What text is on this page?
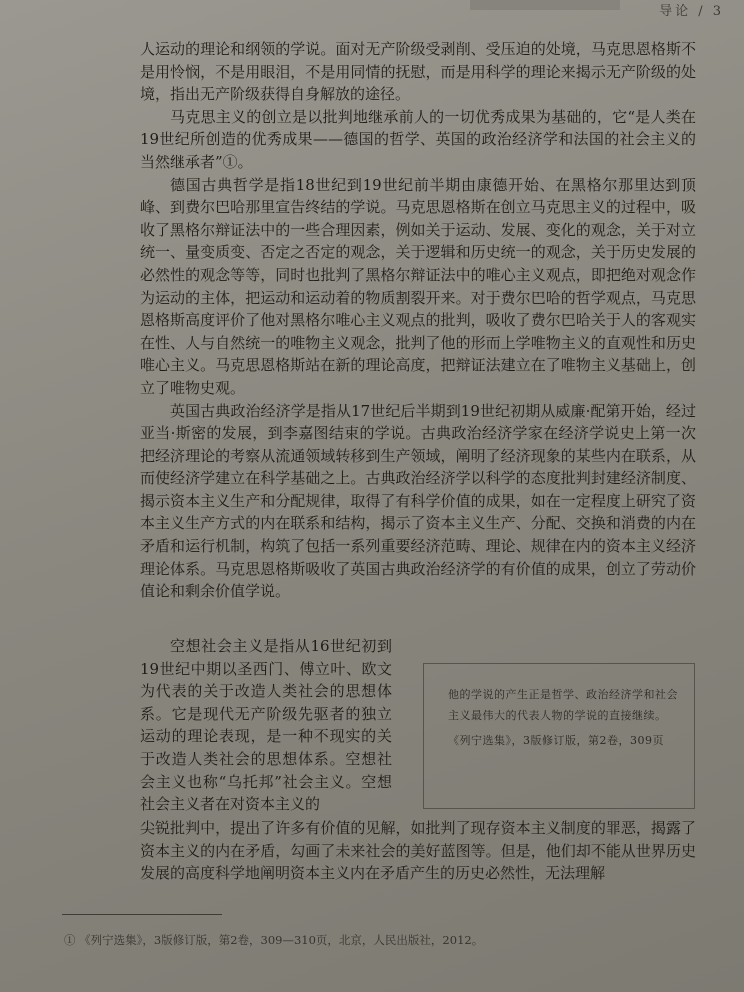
导论 / 3

人运动的理论和纲领的学说。面对无产阶级受剥削、受压迫的处境，马克思恩格斯不是用怜悯，不是用眼泪，不是用同情的抚慰，而是用科学的理论来揭示无产阶级的处境，指出无产阶级获得自身解放的途径。

马克思主义的创立是以批判地继承前人的一切优秀成果为基础的，它“是人类在19世纪所创造的优秀成果——德国的哲学、英国的政治经济学和法国的社会主义的当然继承者”①。

德国古典哲学是指18世纪到19世纪前半期由康德开始、在黑格尔那里达到顶峰、到费尔巴哈那里宣告终结的学说。马克思恩格斯在创立马克思主义的过程中，吸收了黑格尔辩证法中的一些合理因素，例如关于运动、发展、变化的观念，关于对立统一、量变质变、否定之否定的观念，关于逻辑和历史统一的观念，关于历史发展的必然性的观念等等，同时也批判了黑格尔辩证法中的唯心主义观点，即把绝对观念作为运动的主体，把运动和运动着的物质割裂开来。对于费尔巴哈的哲学观点，马克思恩格斯高度评价了他对黑格尔唯心主义观点的批判，吸收了费尔巴哈关于人的客观实在性、人与自然统一的唯物主义观念，批判了他的形而上学唯物主义的直观性和历史唯心主义。马克思恩格斯站在新的理论高度，把辩证法建立在了唯物主义基础上，创立了唯物史观。

英国古典政治经济学是指从17世纪后半期到19世纪初期从威廉·配第开始，经过亚当·斯密的发展，到李嘉图结束的学说。古典政治经济学家在经济学说史上第一次把经济理论的考察从流通领域转移到生产领域，阐明了经济现象的某些内在联系，从而使经济学建立在科学基础之上。古典政治经济学以科学的态度批判封建经济制度、揭示资本主义生产和分配规律，取得了有科学价值的成果，如在一定程度上研究了资本主义生产方式的内在联系和结构，揭示了资本主义生产、分配、交换和消费的内在矛盾和运行机制，构筑了包括一系列重要经济范畴、理论、规律在内的资本主义经济理论体系。马克思恩格斯吸收了英国古典政治经济学的有价值的成果，创立了劳动价值论和剩余价值学说。

空想社会主义是指从16世纪初到19世纪中期以圣西门、傅立叶、欧文为代表的关于改造人类社会的思想体系。它是现代无产阶级先驱者的独立运动的理论表现，是一种不现实的关于改造人类社会的思想体系。空想社会主义也称“乌托邦”社会主义。空想社会主义者在对资本主义的

他的学说的产生正是哲学、政治经济学和社会主义最伟大的代表人物的学说的直接继续。
《列宁选集》，3版修订版，第2卷，309页

尖锐批判中，提出了许多有价值的见解，如批判了现存资本主义制度的罪恶，揭露了资本主义的内在矛盾，勾画了未来社会的美好蓝图等。但是，他们却不能从世界历史发展的高度科学地阐明资本主义内在矛盾产生的历史必然性，无法理解

① 《列宁选集》，3版修订版，第2卷，309—310页，北京，人民出版社，2012。
